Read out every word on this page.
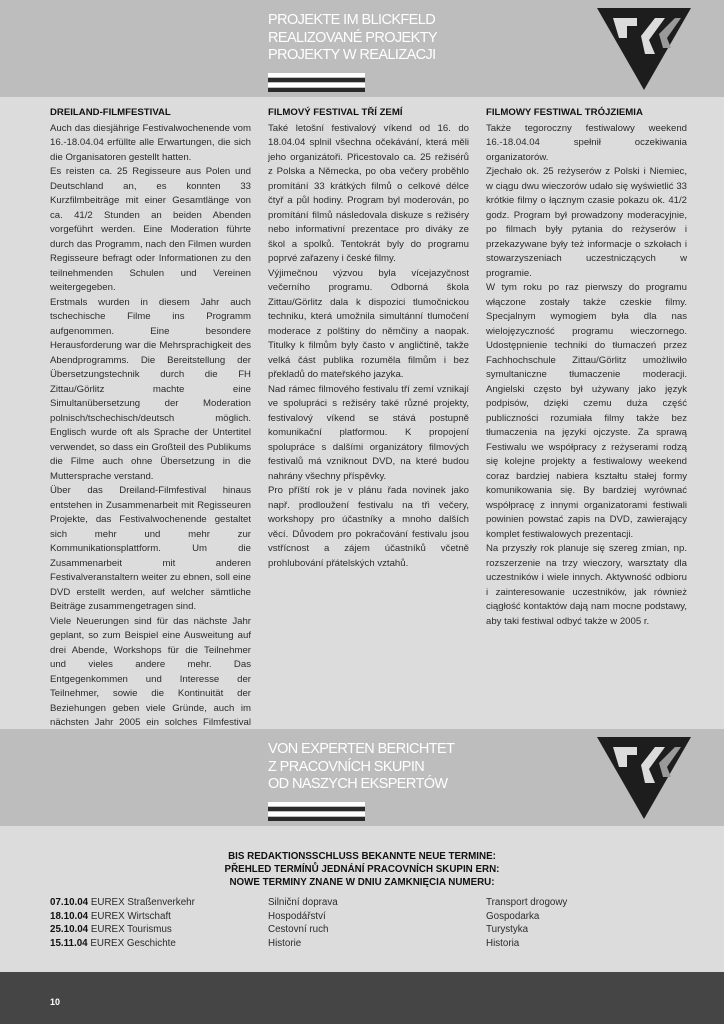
PROJEKTE IM BLICKFELD
REALIZOVANÉ PROJEKTY
PROJEKTY W REALIZACJI
DREILAND-FILMFESTIVAL

Auch das diesjährige Festivalwochenende vom 16.-18.04.04 erfüllte alle Erwartungen, die sich die Organisatoren gestellt hatten.

Es reisten ca. 25 Regisseure aus Polen und Deutschland an, es konnten 33 Kurzfilmbeiträge mit einer Gesamtlänge von ca. 41/2 Stunden an beiden Abenden vorgeführt werden. Eine Moderation führte durch das Programm, nach den Filmen wurden Regisseure befragt oder Informationen zu den teilnehmenden Schulen und Vereinen weitergegeben.

Erstmals wurden in diesem Jahr auch tschechische Filme ins Programm aufgenommen. Eine besondere Herausforderung war die Mehrsprachigkeit des Abendprogramms. Die Bereitstellung der Übersetzungstechnik durch die FH Zittau/Görlitz machte eine Simultanübersetzung der Moderation polnisch/tschechisch/deutsch möglich. Englisch wurde oft als Sprache der Untertitel verwendet, so dass ein Großteil des Publikums die Filme auch ohne Übersetzung in die Muttersprache verstand.

Über das Dreiland-Filmfestival hinaus entstehen in Zusammenarbeit mit Regisseuren Projekte, das Festivalwochenende gestaltet sich mehr und mehr zur Kommunikationsplattform. Um die Zusammenarbeit mit anderen Festivalveranstaltern weiter zu ebnen, soll eine DVD erstellt werden, auf welcher sämtliche Beiträge zusammengetragen sind.

Viele Neuerungen sind für das nächste Jahr geplant, so zum Beispiel eine Ausweitung auf drei Abende, Workshops für die Teilnehmer und vieles andere mehr. Das Entgegenkommen und Interesse der Teilnehmer, sowie die Kontinuität der Beziehungen geben viele Gründe, auch im nächsten Jahr 2005 ein solches Filmfestival

FILMOVÝ FESTIVAL TŘÍ ZEMÍ

Také letošní festivalový víkend od 16. do 18.04.04 splnil všechna očekávání, která měli jeho organizátoři. Přicestovalo ca. 25 režisérů z Polska a Německa, po oba večery proběhlo promítání 33 krátkých filmů o celkové délce čtyř a půl hodiny. Program byl moderován, po promítání filmů následovala diskuze s režiséry nebo informativní prezentace pro diváky ze škol a spolků. Tentokrát byly do programu poprvé zařazeny i české filmy.

Výjimečnou výzvou byla vícejazyčnost večerního programu. Odborná škola Zittau/Görlitz dala k dispozici tlumočnickou techniku, která umožnila simultánní tlumočení moderace z polštiny do němčiny a naopak. Titulky k filmům byly často v angličtině, takže velká část publika rozuměla filmům i bez překladů do mateřského jazyka.

Nad rámec filmového festivalu tří zemí vznikají ve spolupráci s režiséry také různé projekty, festivalový víkend se stává postupně komunikační platformou. K propojení spolupráce s dalšími organizátory filmových festivalů má vzniknout DVD, na které budou nahrány všechny příspěvky.

Pro příští rok je v plánu řada novinek jako např. prodloužení festivalu na tři večery, workshopy pro účastníky a mnoho dalších věcí. Důvodem pro pokračování festivalu jsou vstřícnost a zájem účastníků včetně prohlubování přátelských vztahů.

FILMOWY FESTIWAL TRÓJZIEMIA

Także tegoroczny festiwalowy weekend 16.-18.04.04 spełnił oczekiwania organizatorów.

Zjechało ok. 25 reżyserów z Polski i Niemiec, w ciągu dwu wieczorów udało się wyświetlić 33 krótkie filmy o łącznym czasie pokazu ok. 41/2 godz. Program był prowadzony moderacyjnie, po filmach były pytania do reżyserów i przekazywane były też informacje o szkołach i stowarzyszeniach uczestniczących w programie.

W tym roku po raz pierwszy do programu włączone zostały także czeskie filmy. Specjalnym wymogiem była dla nas wielojęzyczność programu wieczornego. Udostępnienie techniki do tłumaczeń przez Fachhochschule Zittau/Görlitz umożliwiło symultaniczne tłumaczenie moderacji. Angielski często był używany jako język podpisów, dzięki czemu duża część publiczności rozumiała filmy także bez tłumaczenia na języki ojczyste. Za sprawą Festiwalu we współpracy z reżyserami rodzą się kolejne projekty a festiwalowy weekend coraz bardziej nabiera kształtu stałej formy komunikowania się. By bardziej wyrównać współpracę z innymi organizatorami festiwali powinien powstać zapis na DVD, zawierający komplet festiwalowych prezentacji.

Na przyszły rok planuje się szereg zmian, np. rozszerzenie na trzy wieczory, warsztaty dla uczestników i wiele innych. Aktywność odbioru i zainteresowanie uczestników, jak również ciągłość kontaktów dają nam mocne podstawy, aby taki festiwal odbyć także w 2005 r.

VON EXPERTEN BERICHTET
Z PRACOVNÍCH SKUPIN
OD NASZYCH EKSPERTÓW
BIS REDAKTIONSSCHLUSS BEKANNTE NEUE TERMINE:
PŘEHLED TERMÍNŮ JEDNÁNÍ PRACOVNÍCH SKUPIN ERN:
NOWE TERMINY ZNANE W DNIU ZAMKNIĘCIA NUMERU:
07.10.04 EUREX Straßenverkehr
18.10.04 EUREX Wirtschaft
25.10.04 EUREX Tourismus
15.11.04 EUREX Geschichte
Silniční doprava
Hospodářství
Cestovní ruch
Historie
Transport drogowy
Gospodarka
Turystyka
Historia
10
